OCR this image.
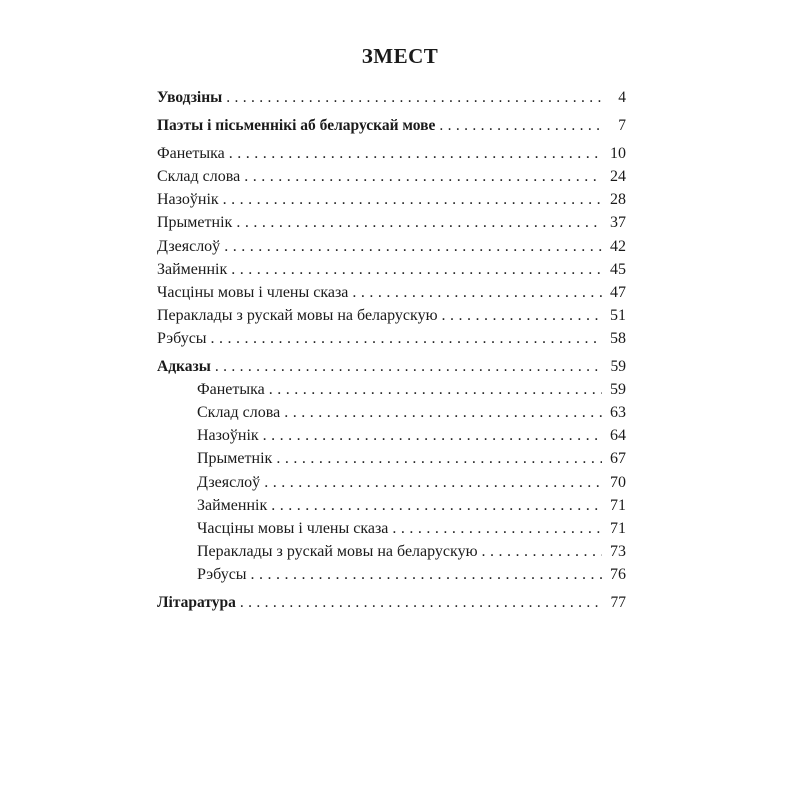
ЗМЕСТ
Уводзіны . . .	4
Паэты і пісьменнікі аб беларускай мове . . .	7
Фанетыка . . .	10
Склад слова . . .	24
Назоўнік . . .	28
Прыметнік . . .	37
Дзеяслоў . . .	42
Займеннік . . .	45
Часціны мовы і члены сказа . . .	47
Пераклады з рускай мовы на беларускую . . .	51
Рэбусы . . .	58
Адказы . . .	59
Фанетыка . . .	59
Склад слова . . .	63
Назоўнік . . .	64
Прыметнік . . .	67
Дзеяслоў . . .	70
Займеннік . . .	71
Часціны мовы і члены сказа . . .	71
Пераклады з рускай мовы на беларускую . . .	73
Рэбусы . . .	76
Літаратура . . .	77
